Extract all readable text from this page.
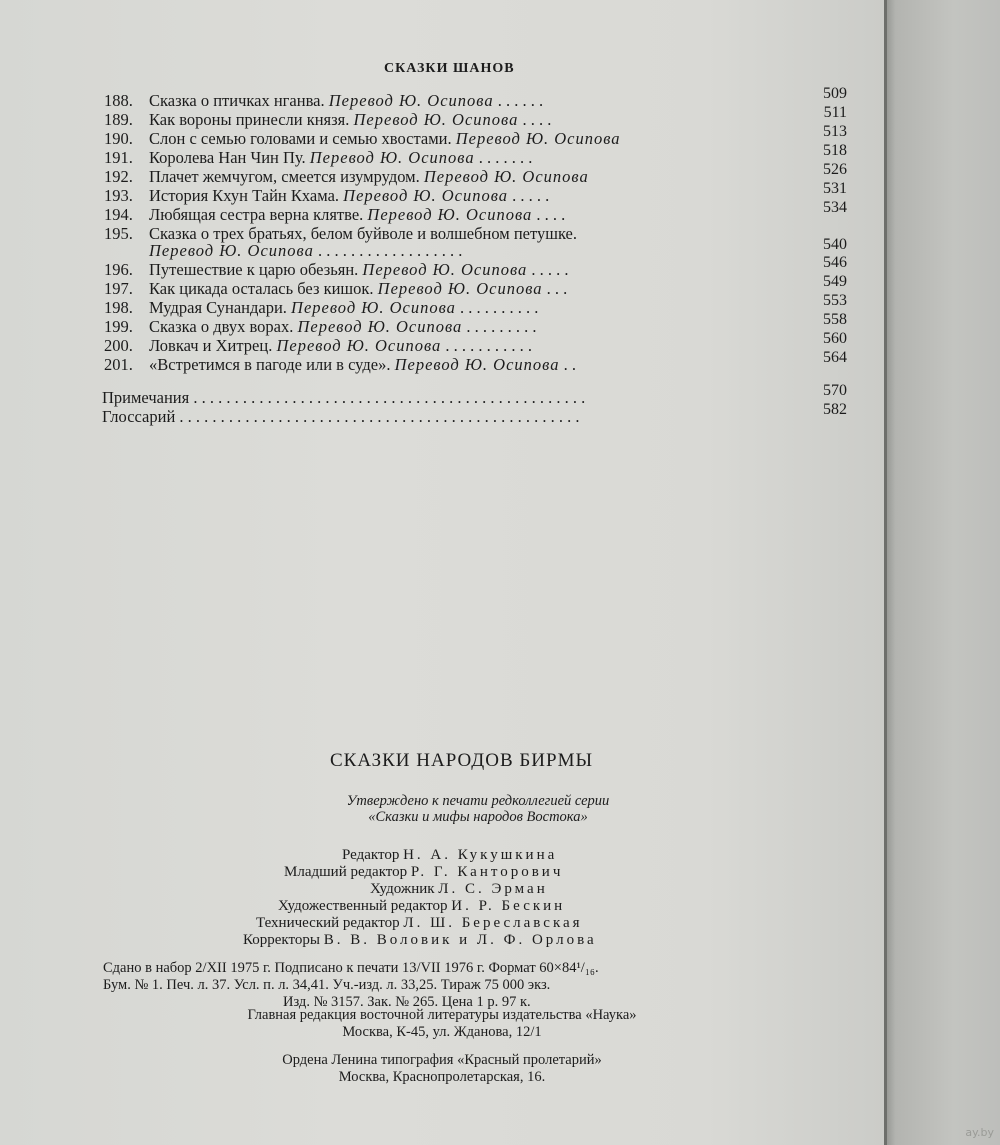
СКАЗКИ ШАНОВ
188. Сказка о птичках нганва. Перевод Ю. Осипова . . . . . .	509
189. Как вороны принесли князя. Перевод Ю. Осипова . . . .	511
190. Слон с семью головами и семью хвостами. Перевод Ю. Осипова	513
191. Королева Нан Чин Пу. Перевод Ю. Осипова . . . . . . .	518
192. Плачет жемчугом, смеется изумрудом. Перевод Ю. Осипова	526
193. История Кхун Тайн Кхама. Перевод Ю. Осипова . . . . .	531
194. Любящая сестра верна клятве. Перевод Ю. Осипова . . . .	534
195. Сказка о трех братьях, белом буйволе и волшебном петушке.
Перевод Ю. Осипова . . . . . . . . . . . . . . . . . .	540
196. Путешествие к царю обезьян. Перевод Ю. Осипова . . . . .	546
197. Как цикада осталась без кишок. Перевод Ю. Осипова . . .	549
198. Мудрая Сунандари. Перевод Ю. Осипова . . . . . . . . . .	553
199. Сказка о двух ворах. Перевод Ю. Осипова . . . . . . . . .	558
200. Ловкач и Хитрец. Перевод Ю. Осипова . . . . . . . . . . .	560
201. «Встретимся в пагоде или в суде». Перевод Ю. Осипова . .	564
Примечания . . . . . . . . . . . . . . . . . . . . . . . . . . . . . . . . . . . . . . . . . . . . . . . .	570
Глоссарий . . . . . . . . . . . . . . . . . . . . . . . . . . . . . . . . . . . . . . . . . . . . . . . . .	582
СКАЗКИ НАРОДОВ БИРМЫ
Утверждено к печати редколлегией серии
«Сказки и мифы народов Востока»
Редактор Н. А. Кукушкина
Младший редактор Р. Г. Канторович
Художник Л. С. Эрман
Художественный редактор И. Р. Бескин
Технический редактор Л. Ш. Береславская
Корректоры В. В. Воловик и Л. Ф. Орлова
Сдано в набор 2/XII 1975 г. Подписано к печати 13/VII 1976 г. Формат 60×84¹/₁₆.
Бум. № 1. Печ. л. 37. Усл. п. л. 34,41. Уч.-изд. л. 33,25. Тираж 75 000 экз.
Изд. № 3157. Зак. № 265. Цена 1 р. 97 к.
Главная редакция восточной литературы издательства «Наука»
Москва, К-45, ул. Жданова, 12/1
Ордена Ленина типография «Красный пролетарий»
Москва, Краснопролетарская, 16.
ay.by
